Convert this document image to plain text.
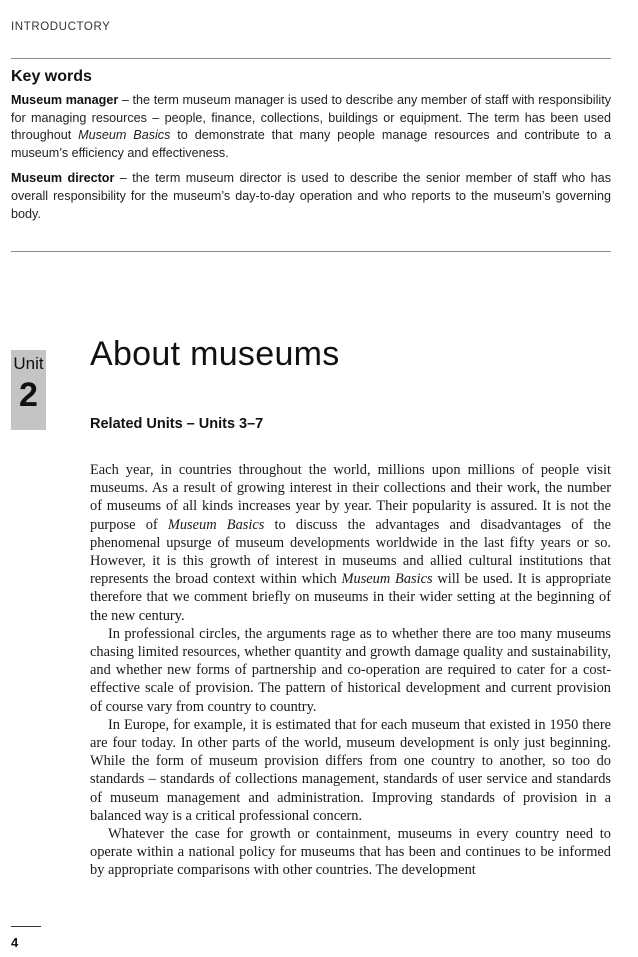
INTRODUCTORY
Key words

Museum manager – the term museum manager is used to describe any member of staff with responsibility for managing resources – people, finance, collections, buildings or equipment. The term has been used throughout Museum Basics to demonstrate that many people manage resources and contribute to a museum’s efficiency and effectiveness.

Museum director – the term museum director is used to describe the senior member of staff who has overall responsibility for the museum’s day-to-day operation and who reports to the museum’s governing body.

Unit
2
About museums
Related Units – Units 3–7

Each year, in countries throughout the world, millions upon millions of people visit museums. As a result of growing interest in their collections and their work, the number of museums of all kinds increases year by year. Their popularity is assured. It is not the purpose of Museum Basics to discuss the advantages and disadvantages of the phenomenal upsurge of museum developments worldwide in the last fifty years or so. However, it is this growth of interest in museums and allied cultural institutions that represents the broad context within which Museum Basics will be used. It is appropriate therefore that we comment briefly on museums in their wider setting at the beginning of the new century.

In professional circles, the arguments rage as to whether there are too many museums chasing limited resources, whether quantity and growth damage quality and sustainability, and whether new forms of partnership and co-operation are required to cater for a cost-effective scale of provision. The pattern of historical development and current provision of course vary from country to country.

In Europe, for example, it is estimated that for each museum that existed in 1950 there are four today. In other parts of the world, museum development is only just beginning. While the form of museum provision differs from one country to another, so too do standards – standards of collections management, standards of user service and standards of museum management and administration. Improving standards of provision in a balanced way is a critical professional concern.

Whatever the case for growth or containment, museums in every country need to operate within a national policy for museums that has been and continues to be informed by appropriate comparisons with other countries. The development

4
